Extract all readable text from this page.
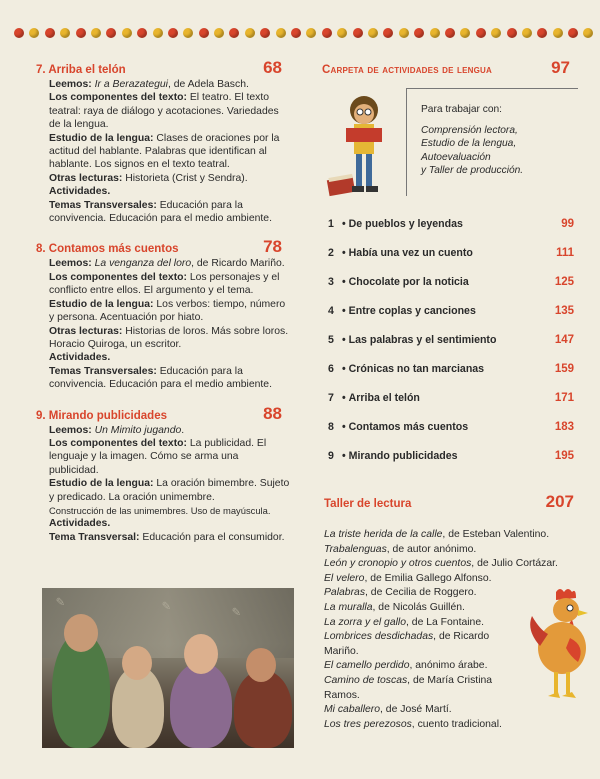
7. Arriba el telón	68

Leemos: Ir a Berazategui, de Adela Basch.

Los componentes del texto: El teatro. El texto teatral: raya de diálogo y acotaciones. Variedades de la lengua.

Estudio de la lengua: Clases de oraciones por la actitud del hablante. Palabras que identifican al hablante. Los signos en el texto teatral.

Otras lecturas: Historieta (Crist y Sendra).

Actividades.

Temas Transversales: Educación para la convivencia. Educación para el medio ambiente.

8. Contamos más cuentos	78

Leemos: La venganza del loro, de Ricardo Mariño.

Los componentes del texto: Los personajes y el conflicto entre ellos. El argumento y el tema.

Estudio de la lengua: Los verbos: tiempo, número y persona. Acentuación por hiato.

Otras lecturas: Historias de loros. Más sobre loros. Horacio Quiroga, un escritor.

Actividades.

Temas Transversales: Educación para la convivencia. Educación para el medio ambiente.

9. Mirando publicidades	88

Leemos: Un Mimito jugando.

Los componentes del texto: La publicidad. El lenguaje y la imagen. Cómo se arma una publicidad.

Estudio de la lengua: La oración bimembre. Sujeto y predicado. La oración unimembre.

Construcción de las unimembres. Uso de mayúscula.

Actividades.

Tema Transversal: Educación para el consumidor.

✎	✎	✎
Carpeta de actividades de lengua	97

Para trabajar con:

Comprensión lectora,

Estudio de la lengua,

Autoevaluación

y Taller de producción.

1 • De pueblos y leyendas	99
2 • Había una vez un cuento	111
3 • Chocolate por la noticia	125
4 • Entre coplas y canciones	135
5 • Las palabras y el sentimiento	147
6 • Crónicas no tan marcianas	159
7 • Arriba el telón	171
8 • Contamos más cuentos	183
9 • Mirando publicidades	195
Taller de lectura	207

La triste herida de la calle, de Esteban Valentino.

Trabalenguas, de autor anónimo.

León y cronopio y otros cuentos, de Julio Cortázar.

El velero, de Emilia Gallego Alfonso.

Palabras, de Cecilia de Roggero.

La muralla, de Nicolás Guillén.

La zorra y el gallo, de La Fontaine.

Lombrices desdichadas, de Ricardo

Mariño.

El camello perdido, anónimo árabe.

Camino de toscas, de María Cristina

Ramos.

Mi caballero, de José Martí.

Los tres perezosos, cuento tradicional.
